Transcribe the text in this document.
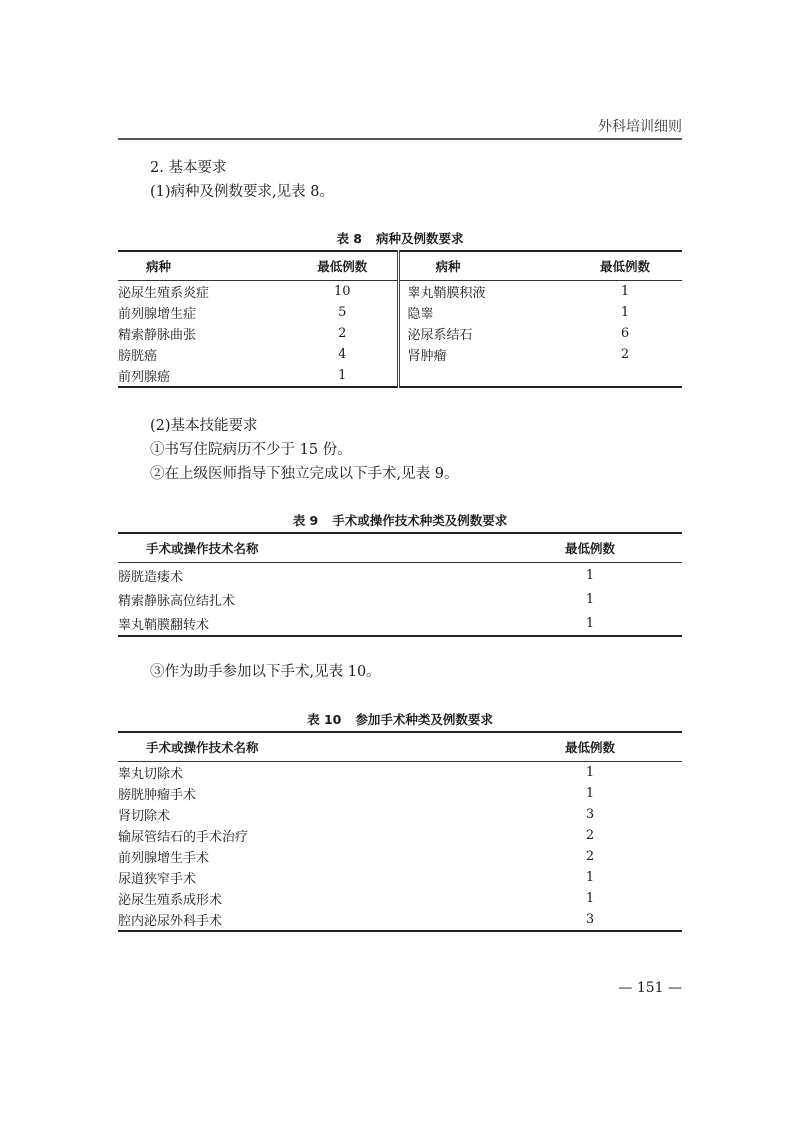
外科培训细则
2. 基本要求
(1)病种及例数要求,见表 8。
表 8 病种及例数要求
病种	最低例数	病种	最低例数
泌尿生殖系炎症	10	睾丸鞘膜积液	1
前列腺增生症	5	隐睾	1
精索静脉曲张	2	泌尿系结石	6
膀胱癌	4	肾肿瘤	2
前列腺癌	1		
(2)基本技能要求
①书写住院病历不少于 15 份。
②在上级医师指导下独立完成以下手术,见表 9。
表 9 手术或操作技术种类及例数要求
手术或操作技术名称	最低例数
膀胱造瘘术	1
精索静脉高位结扎术	1
睾丸鞘膜翻转术	1
③作为助手参加以下手术,见表 10。
表 10 参加手术种类及例数要求
手术或操作技术名称	最低例数
睾丸切除术	1
膀胱肿瘤手术	1
肾切除术	3
输尿管结石的手术治疗	2
前列腺增生手术	2
尿道狭窄手术	1
泌尿生殖系成形术	1
腔内泌尿外科手术	3
— 151 —
